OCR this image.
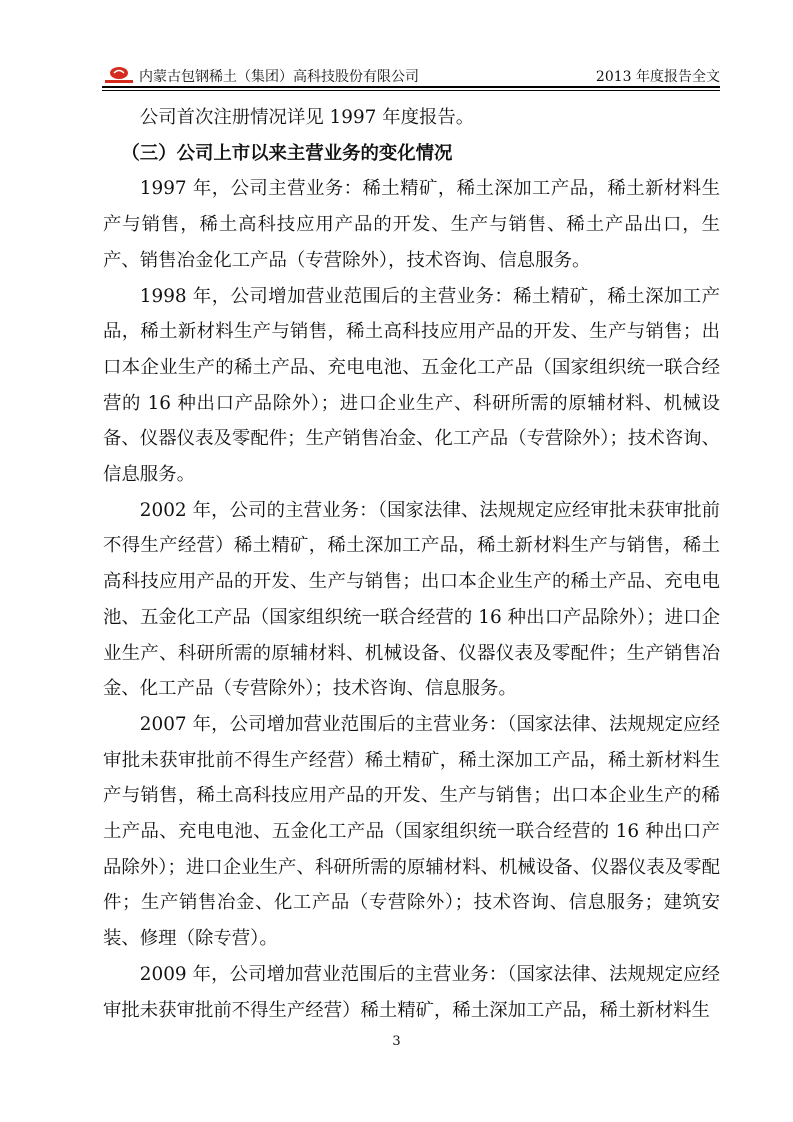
内蒙古包钢稀土（集团）高科技股份有限公司	2013 年度报告全文

公司首次注册情况详见 1997 年度报告。

（三）公司上市以来主营业务的变化情况

1997 年，公司主营业务：稀土精矿，稀土深加工产品，稀土新材料生产与销售，稀土高科技应用产品的开发、生产与销售、稀土产品出口，生产、销售冶金化工产品（专营除外），技术咨询、信息服务。

1998 年，公司增加营业范围后的主营业务：稀土精矿，稀土深加工产品，稀土新材料生产与销售，稀土高科技应用产品的开发、生产与销售；出口本企业生产的稀土产品、充电电池、五金化工产品（国家组织统一联合经营的 16 种出口产品除外）；进口企业生产、科研所需的原辅材料、机械设备、仪器仪表及零配件；生产销售冶金、化工产品（专营除外）；技术咨询、信息服务。

2002 年，公司的主营业务：（国家法律、法规规定应经审批未获审批前不得生产经营）稀土精矿，稀土深加工产品，稀土新材料生产与销售，稀土高科技应用产品的开发、生产与销售；出口本企业生产的稀土产品、充电电池、五金化工产品（国家组织统一联合经营的 16 种出口产品除外）；进口企业生产、科研所需的原辅材料、机械设备、仪器仪表及零配件；生产销售冶金、化工产品（专营除外）；技术咨询、信息服务。

2007 年，公司增加营业范围后的主营业务：（国家法律、法规规定应经审批未获审批前不得生产经营）稀土精矿，稀土深加工产品，稀土新材料生产与销售，稀土高科技应用产品的开发、生产与销售；出口本企业生产的稀土产品、充电电池、五金化工产品（国家组织统一联合经营的 16 种出口产品除外）；进口企业生产、科研所需的原辅材料、机械设备、仪器仪表及零配件；生产销售冶金、化工产品（专营除外）；技术咨询、信息服务；建筑安装、修理（除专营）。

2009 年，公司增加营业范围后的主营业务：（国家法律、法规规定应经审批未获审批前不得生产经营）稀土精矿，稀土深加工产品，稀土新材料生

3
